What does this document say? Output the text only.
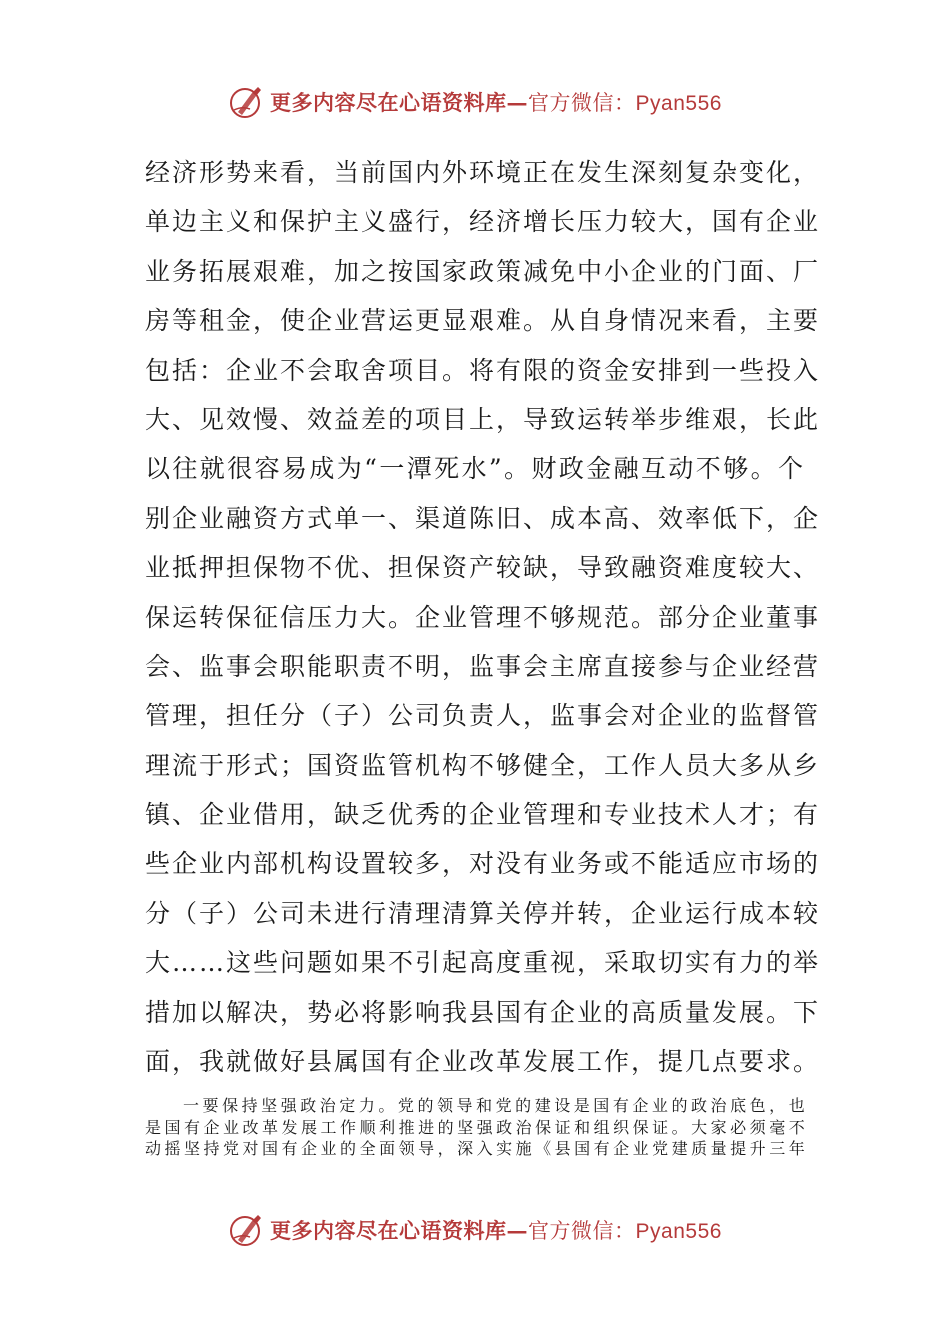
更多内容尽在心语资料库—官方微信：Pyan556
经济形势来看，当前国内外环境正在发生深刻复杂变化，
单边主义和保护主义盛行，经济增长压力较大，国有企业
业务拓展艰难，加之按国家政策减免中小企业的门面、厂
房等租金，使企业营运更显艰难。从自身情况来看，主要
包括：企业不会取舍项目。将有限的资金安排到一些投入
大、见效慢、效益差的项目上，导致运转举步维艰，长此
以往就很容易成为“一潭死水”。财政金融互动不够。个
别企业融资方式单一、渠道陈旧、成本高、效率低下，企
业抵押担保物不优、担保资产较缺，导致融资难度较大、
保运转保征信压力大。企业管理不够规范。部分企业董事
会、监事会职能职责不明，监事会主席直接参与企业经营
管理，担任分（子）公司负责人，监事会对企业的监督管
理流于形式；国资监管机构不够健全，工作人员大多从乡
镇、企业借用，缺乏优秀的企业管理和专业技术人才；有
些企业内部机构设置较多，对没有业务或不能适应市场的
分（子）公司未进行清理清算关停并转，企业运行成本较
大……这些问题如果不引起高度重视，采取切实有力的举
措加以解决，势必将影响我县国有企业的高质量发展。下
面，我就做好县属国有企业改革发展工作，提几点要求。
一要保持坚强政治定力。党的领导和党的建设是国有企业的政治底色，也
是国有企业改革发展工作顺利推进的坚强政治保证和组织保证。大家必须毫不
动摇坚持党对国有企业的全面领导，深入实施《县国有企业党建质量提升三年
更多内容尽在心语资料库—官方微信：Pyan556
